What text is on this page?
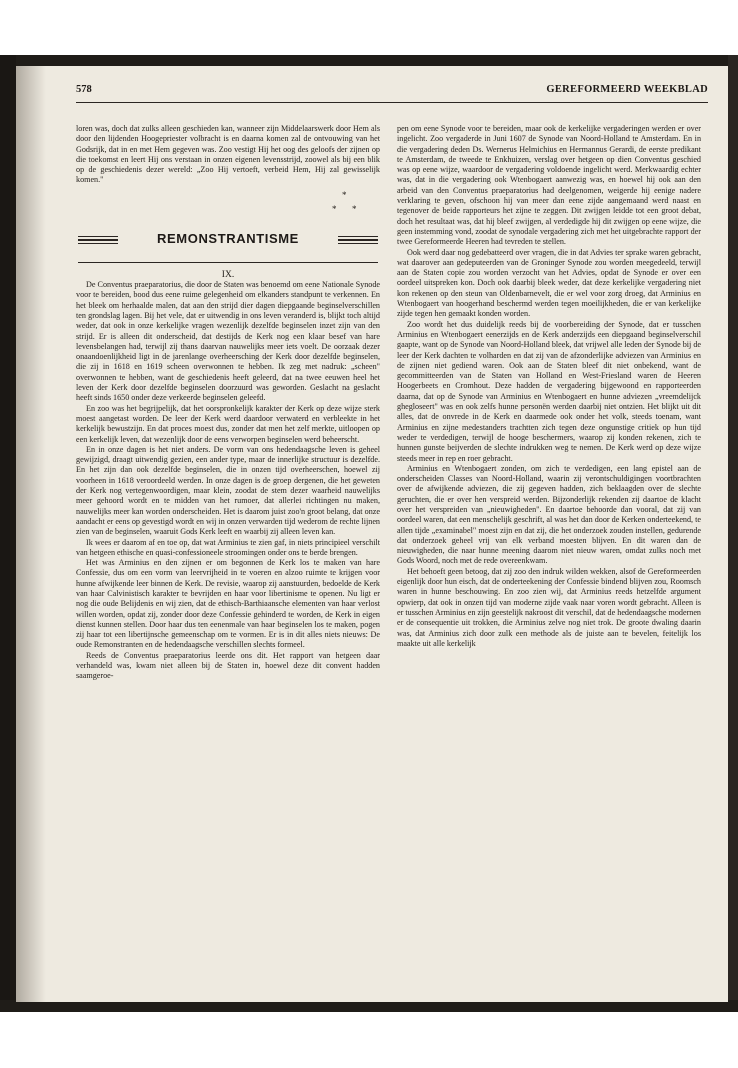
578	GEREFORMEERD WEEKBLAD

loren was, doch dat zulks alleen geschieden kan, wanneer zijn Middelaarswerk door Hem als door den lijdenden Hoogepriester volbracht is en daarna komen zal de ontvouwing van het Godsrijk, dat in en met Hem gegeven was. Zoo vestigt Hij het oog des geloofs der zijnen op die toekomst en leert Hij ons verstaan in onzen eigenen levensstrijd, zoowel als bij een blik op de geschiedenis dezer wereld: „Zoo Hij vertoeft, verbeid Hem, Hij zal gewisselijk komen."

*
* *
REMONSTRANTISME

IX.

De Conventus praeparatorius, die door de Staten was benoemd om eene Nationale Synode voor te bereiden, bood dus eene ruime gelegenheid om elkanders standpunt te verkennen. En het bleek om herhaalde malen, dat aan den strijd dier dagen diepgaande beginselverschillen ten grondslag lagen. Bij het vele, dat er uitwendig in ons leven veranderd is, blijkt toch altijd weder, dat ook in onze kerkelijke vragen wezenlijk dezelfde beginselen inzet zijn van den strijd. Er is alleen dit onderscheid, dat destijds de Kerk nog een klaar besef van hare levensbelangen had, terwijl zij thans daarvan nauwelijks meer iets voelt. De oorzaak dezer onaandoenlijkheid ligt in de jarenlange overheersching der Kerk door dezelfde beginselen, die zij in 1618 en 1619 scheen overwonnen te hebben. Ik zeg met nadruk: „scheen" overwonnen te hebben, want de geschiedenis heeft geleerd, dat na twee eeuwen heel het leven der Kerk door dezelfde beginselen doorzuurd was geworden. Geslacht na geslacht heeft sinds 1650 onder deze verkeerde beginselen geleefd.

En zoo was het begrijpelijk, dat het oorspronkelijk karakter der Kerk op deze wijze sterk moest aangetast worden. De leer der Kerk werd daardoor verwaterd en verbleekte in het kerkelijk bewustzijn. En dat proces moest dus, zonder dat men het zelf merkte, uitloopen op een kerkelijk leven, dat wezenlijk door de eens verworpen beginselen werd beheerscht.

En in onze dagen is het niet anders. De vorm van ons hedendaagsche leven is geheel gewijzigd, draagt uitwendig gezien, een ander type, maar de innerlijke structuur is dezelfde. En het zijn dan ook dezelfde beginselen, die in onzen tijd overheerschen, hoewel zij voorheen in 1618 veroordeeld werden. In onze dagen is de groep dergenen, die het geweten der Kerk nog vertegenwoordigen, maar klein, zoodat de stem dezer waarheid nauwelijks meer gehoord wordt en te midden van het rumoer, dat allerlei richtingen nu maken, nauwelijks meer kan worden onderscheiden. Het is daarom juist zoo'n groot belang, dat onze aandacht er eens op gevestigd wordt en wij in onzen verwarden tijd wederom de rechte lijnen zien van de beginselen, waaruit Gods Kerk leeft en waarbij zij alleen leven kan.

Ik wees er daarom af en toe op, dat wat Arminius te zien gaf, in niets principieel verschilt van hetgeen ethische en quasi-confessioneele stroomingen onder ons te berde brengen.

Het was Arminius en den zijnen er om begonnen de Kerk los te maken van hare Confessie, dus om een vorm van leervrijheid in te voeren en alzoo ruimte te krijgen voor hunne afwijkende leer binnen de Kerk. De revisie, waarop zij aanstuurden, bedoelde de Kerk van haar Calvinistisch karakter te bevrijden en haar voor libertinisme te openen. Nu ligt er nog die oude Belijdenis en wij zien, dat de ethisch-Barthiaansche elementen van haar verlost willen worden, opdat zij, zonder door deze Confessie gehinderd te worden, de Kerk in eigen dienst kunnen stellen. Door haar dus ten eenenmale van haar beginselen los te maken, pogen zij haar tot een libertijnsche gemeenschap om te vormen. Er is in dit alles niets nieuws: De oude Remonstranten en de hedendaagsche verschillen slechts formeel.

Reeds de Conventus praeparatorius leerde ons dit. Het rapport van hetgeen daar verhandeld was, kwam niet alleen bij de Staten in, hoewel deze dit convent hadden saamgeroe-

pen om eene Synode voor te bereiden, maar ook de kerkelijke vergaderingen werden er over ingelicht. Zoo vergaderde in Juni 1607 de Synode van Noord-Holland te Amsterdam. En in die vergadering deden Ds. Wernerus Helmichius en Hermannus Gerardi, de eerste predikant te Amsterdam, de tweede te Enkhuizen, verslag over hetgeen op dien Conventus geschied was op eene wijze, waardoor de vergadering voldoende ingelicht werd. Merkwaardig echter was, dat in die vergadering ook Wtenbogaert aanwezig was, en hoewel hij ook aan den arbeid van den Conventus praeparatorius had deelgenomen, weigerde hij eenige nadere verklaring te geven, ofschoon hij van meer dan eene zijde aangemaand werd naast en tegenover de beide rapporteurs het zijne te zeggen. Dit zwijgen leidde tot een groot debat, doch het resultaat was, dat hij bleef zwijgen, al verdedigde hij dit zwijgen op eene wijze, die geen instemming vond, zoodat de synodale vergadering zich met het uitgebrachte rapport der twee Gereformeerde Heeren had tevreden te stellen.

Ook werd daar nog gedebatteerd over vragen, die in dat Advies ter sprake waren gebracht, wat daarover aan gedeputeerden van de Groninger Synode zou worden meegedeeld, terwijl aan de Staten copie zou worden verzocht van het Advies, opdat de Synode er over een oordeel uitspreken kon. Doch ook daarbij bleek weder, dat deze kerkelijke vergadering niet kon rekenen op den steun van Oldenbarnevelt, die er wel voor zorg droeg, dat Arminius en Wtenbogaert van hoogerhand beschermd werden tegen moeilijkheden, die er van kerkelijke zijde tegen hen gemaakt konden worden.

Zoo wordt het dus duidelijk reeds bij de voorbereiding der Synode, dat er tusschen Arminius en Wtenbogaert eenerzijds en de Kerk anderzijds een diepgaand beginselverschil gaapte, want op de Synode van Noord-Holland bleek, dat vrijwel alle leden der Synode bij de leer der Kerk dachten te volharden en dat zij van de afzonderlijke adviezen van Arminius en de zijnen niet gediend waren. Ook aan de Staten bleef dit niet onbekend, want de gecommitteerden van de Staten van Holland en West-Friesland waren de Heeren Hoogerbeets en Cromhout. Deze hadden de vergadering bijgewoond en rapporteerden daarna, dat op de Synode van Arminius en Wtenbogaert en hunne adviezen „vreemdelijck ghegloseert" was en ook zelfs hunne personën werden daarbij niet ontzien. Het blijkt uit dit alles, dat de onvrede in de Kerk en daarmede ook onder het volk, steeds toenam, want Arminius en zijne medestanders trachtten zich tegen deze ongunstige critiek op hun tijd weder te verdedigen, terwijl de hooge beschermers, waarop zij konden rekenen, zich te hunnen gunste beijverden de slechte indrukken weg te nemen. De Kerk werd op deze wijze steeds meer in rep en roer gebracht.

Arminius en Wtenbogaert zonden, om zich te verdedigen, een lang epistel aan de onderscheiden Classes van Noord-Holland, waarin zij verontschuldigingen voortbrachten over de afwijkende adviezen, die zij gegeven hadden, zich beklaagden over de slechte geruchten, die er over hen verspreid werden. Bijzonderlijk rekenden zij daartoe de klacht over het verspreiden van „nieuwigheden". En daartoe behoorde dan vooral, dat zij van oordeel waren, dat een menschelijk geschrift, al was het dan door de Kerken onderteekend, te allen tijde „examinabel" moest zijn en dat zij, die het onderzoek zouden instellen, gedurende dat onderzoek geheel vrij van elk verband moesten blijven. En dit waren dan de nieuwigheden, die naar hunne meening daarom niet nieuw waren, omdat zulks noch met Gods Woord, noch met de rede overeenkwam.

Het behoeft geen betoog, dat zij zoo den indruk wilden wekken, alsof de Gereformeerden eigenlijk door hun eisch, dat de onderteekening der Confessie bindend blijven zou, Roomsch waren in hunne beschouwing. En zoo zien wij, dat Arminius reeds hetzelfde argument opwierp, dat ook in onzen tijd van moderne zijde vaak naar voren wordt gebracht. Alleen is er tusschen Arminius en zijn geestelijk nakroost dit verschil, dat de hedendaagsche modernen er de consequentie uit trokken, die Arminius zelve nog niet trok. De groote dwaling daarin was, dat Arminius zich door zulk een methode als de juiste aan te bevelen, feitelijk los maakte uit alle kerkelijk
